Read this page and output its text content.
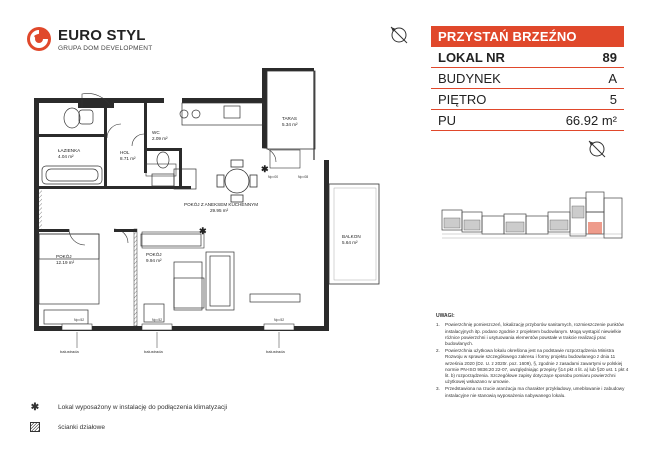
EURO STYL
GRUPA DOM DEVELOPMENT
PRZYSTAŃ BRZEŹNO
LOKAL NR	89
BUDYNEK	A
PIĘTRO	5
PU	66.92 m²
✱
✱
ŁAZIENKA
4.04 m²
HOL
8.71 m²
WC
2.09 m²
POKÓJ Z ANEKSEM KUCHENNYM
29.95 m²
TARAS
5.34 m²
BALKON
5.64 m²
POKÓJ
12.19 m²
POKÓJ
9.94 m²
Np=00	Np=08
Np=52	Np=52	Np=52
balustrada	balustrada	balustrada
UWAGI:
1.	Powierzchnię pomieszczeń, lokalizację przyborów sanitarnych, rozmieszczenie punktów instalacyjnych itp. podano zgodnie z projektem budowlanym. Mogą wystąpić niewielkie różnice powierzchni i usytuowania elementów powstałe w trakcie realizacji prac budowlanych.
2.	Powierzchnia użytkowa lokalu określona jest na podstawie rozporządzenia Ministra Rozwoju w sprawie szczegółowego zakresu i formy projektu budowlanego z dnia 11 września 2020 (Dz. U. z 2020r. poz. 1609), §, zgodnie z zasadami zawartymi w polskiej normie PN-ISO 9836:20 22-07, uwzględniając przepisy §14 pkt 4 lit. a) lub §20 ust. 1 pkt 4 lit. b) rozporządzenia. Szczegółowe zapisy dotyczące sposobu pomiaru powierzchni użytkowej wskazano w umowie.
3.	Przedstawiona na rzucie aranżacja ma charakter przykładowy, umeblowanie i zabudowy instalacyjne nie stanowią wyposażenia nabywanego lokalu.
✱	Lokal wyposażony w instalację do podłączenia klimatyzacji
ścianki działowe
